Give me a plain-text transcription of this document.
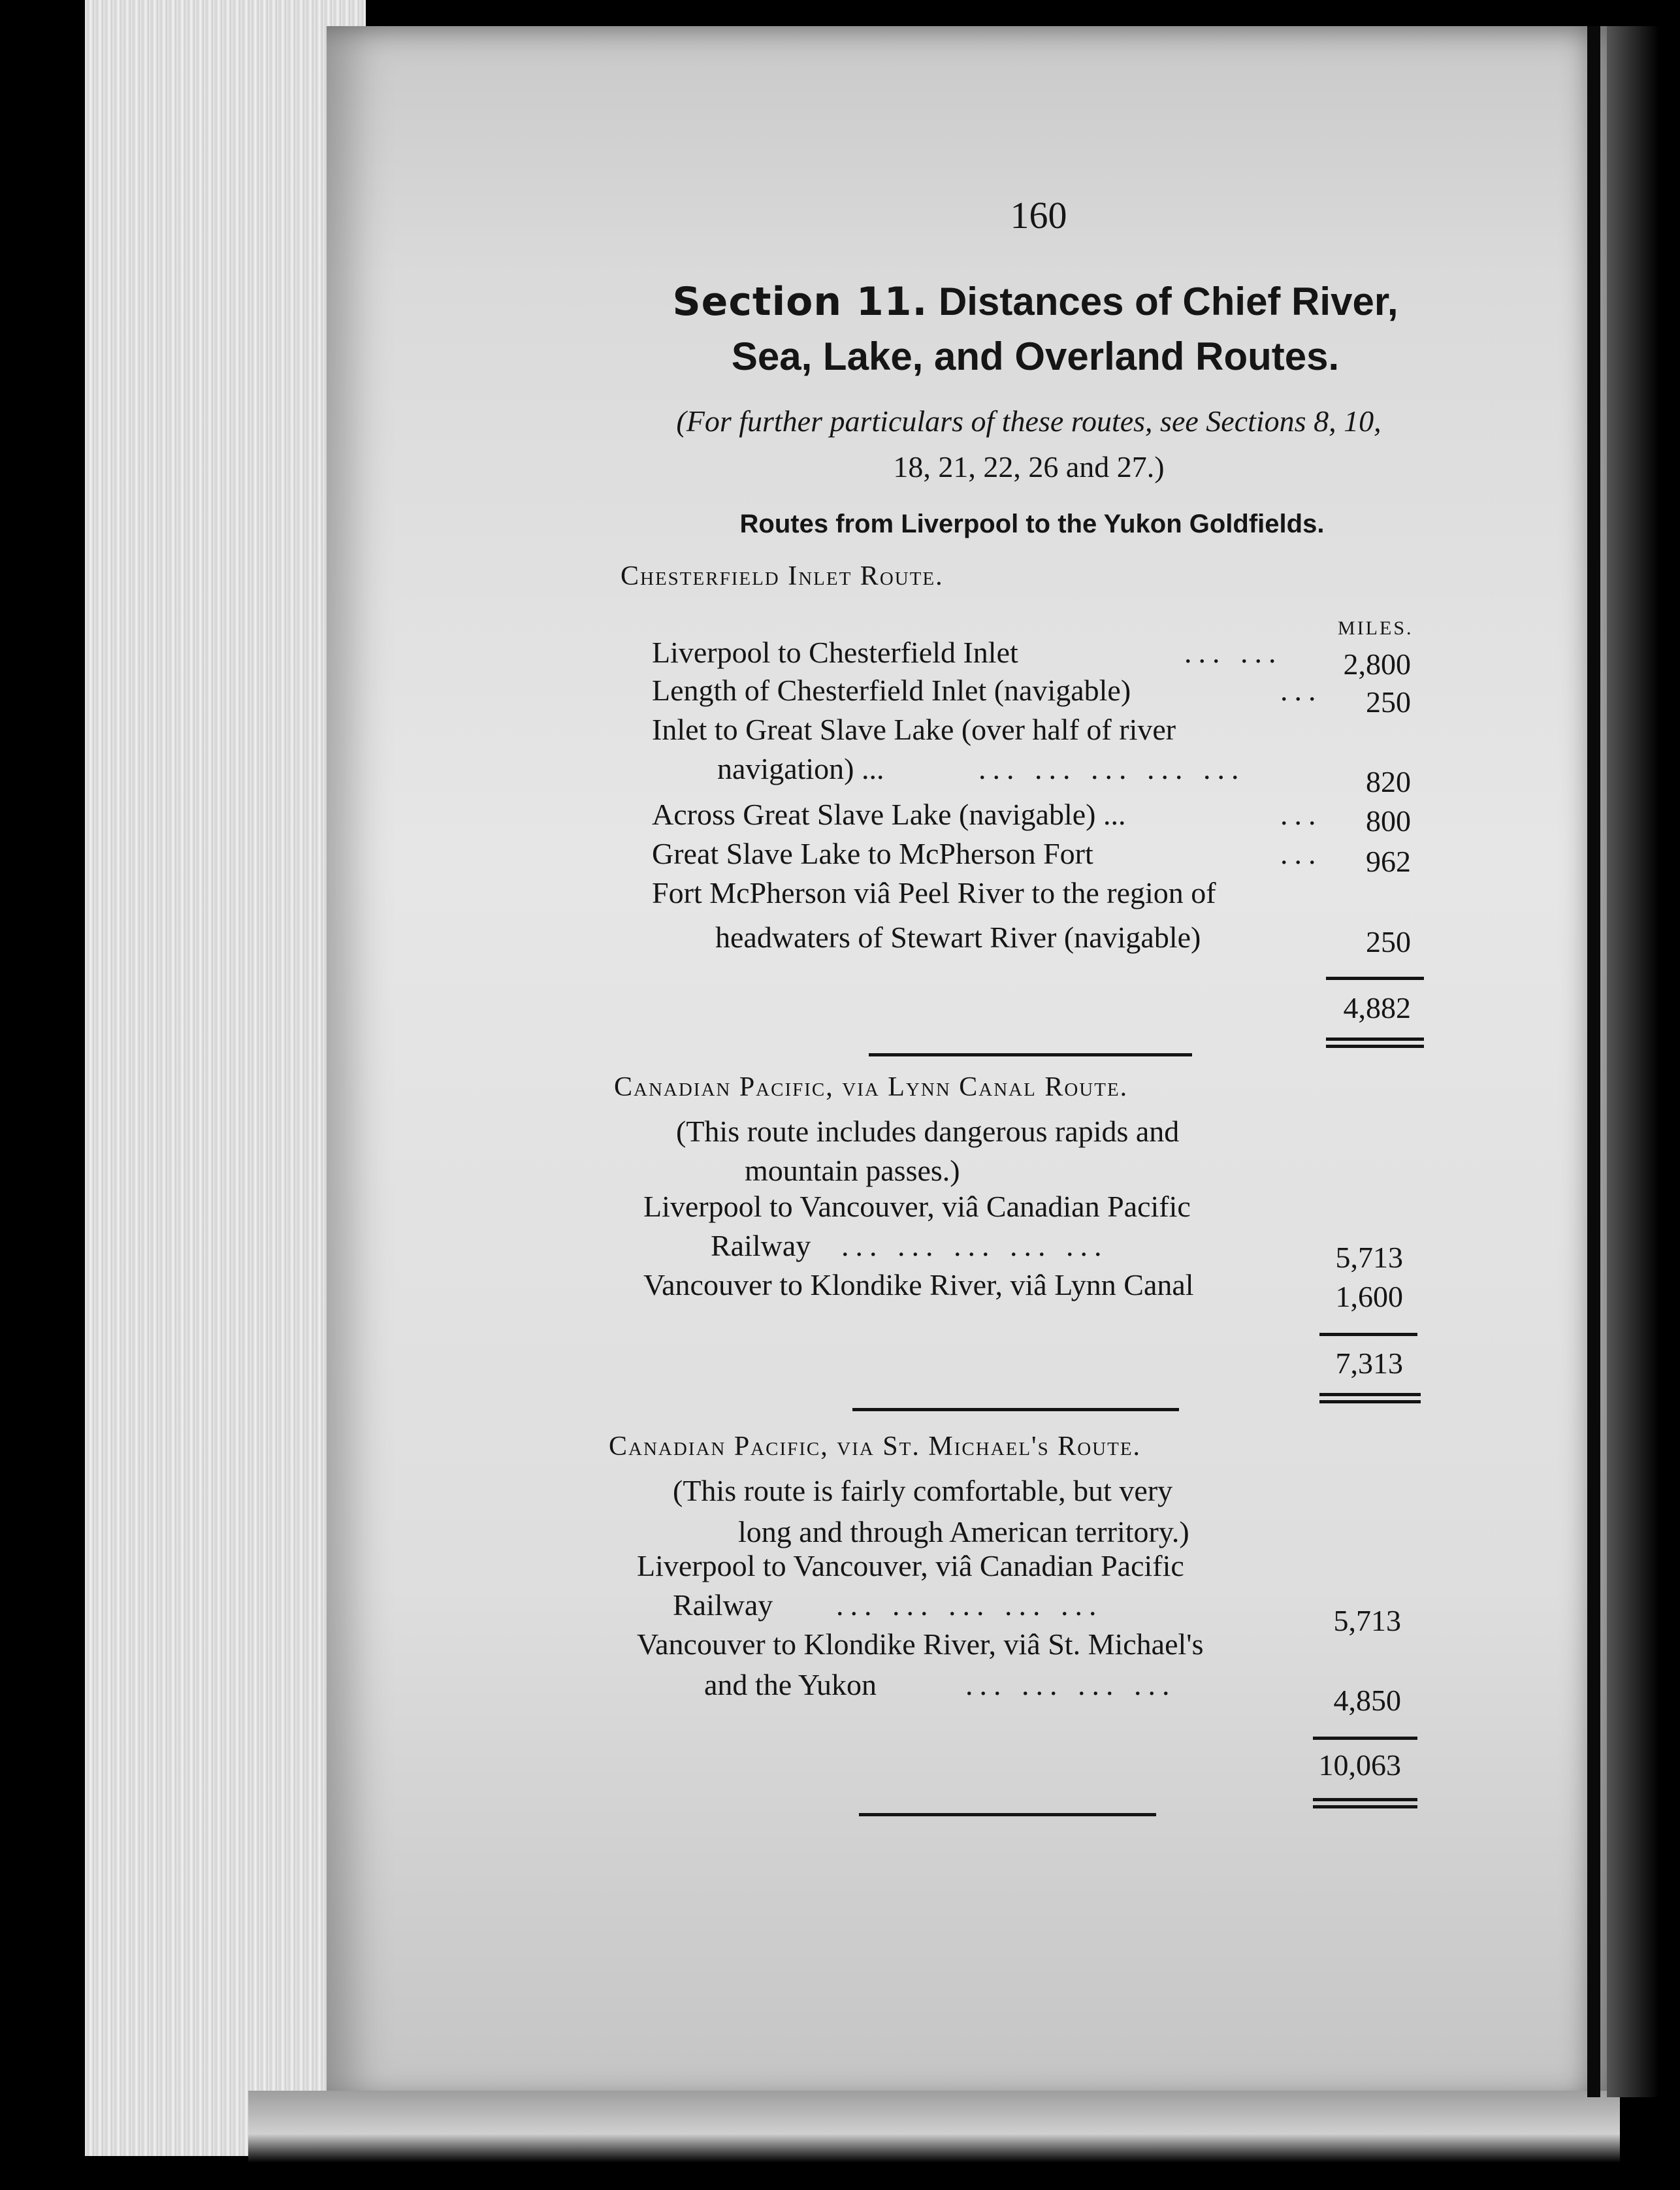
160
Section 11. Distances of Chief River,
Sea, Lake, and Overland Routes.
(For further particulars of these routes, see Sections 8, 10,
18, 21, 22, 26 and 27.)
Routes from Liverpool to the Yukon Goldfields.
Chesterfield Inlet Route.
MILES.
Liverpool to Chesterfield Inlet	... ...	2,800
Length of Chesterfield Inlet (navigable)	...	250
Inlet to Great Slave Lake (over half of river
navigation) ...	... ... ... ... ...	820
Across Great Slave Lake (navigable) ...	...	800
Great Slave Lake to McPherson Fort	...	962
Fort McPherson viâ Peel River to the region of
headwaters of Stewart River (navigable)	250
4,882
Canadian Pacific, via Lynn Canal Route.
(This route includes dangerous rapids and
mountain passes.)
Liverpool to Vancouver, viâ Canadian Pacific
Railway ... ... ... ... ...	5,713
Vancouver to Klondike River, viâ Lynn Canal	1,600
7,313
Canadian Pacific, via St. Michael's Route.
(This route is fairly comfortable, but very
long and through American territory.)
Liverpool to Vancouver, viâ Canadian Pacific
Railway ... ... ... ... ...	5,713
Vancouver to Klondike River, viâ St. Michael's
and the Yukon	... ... ... ...	4,850
10,063
